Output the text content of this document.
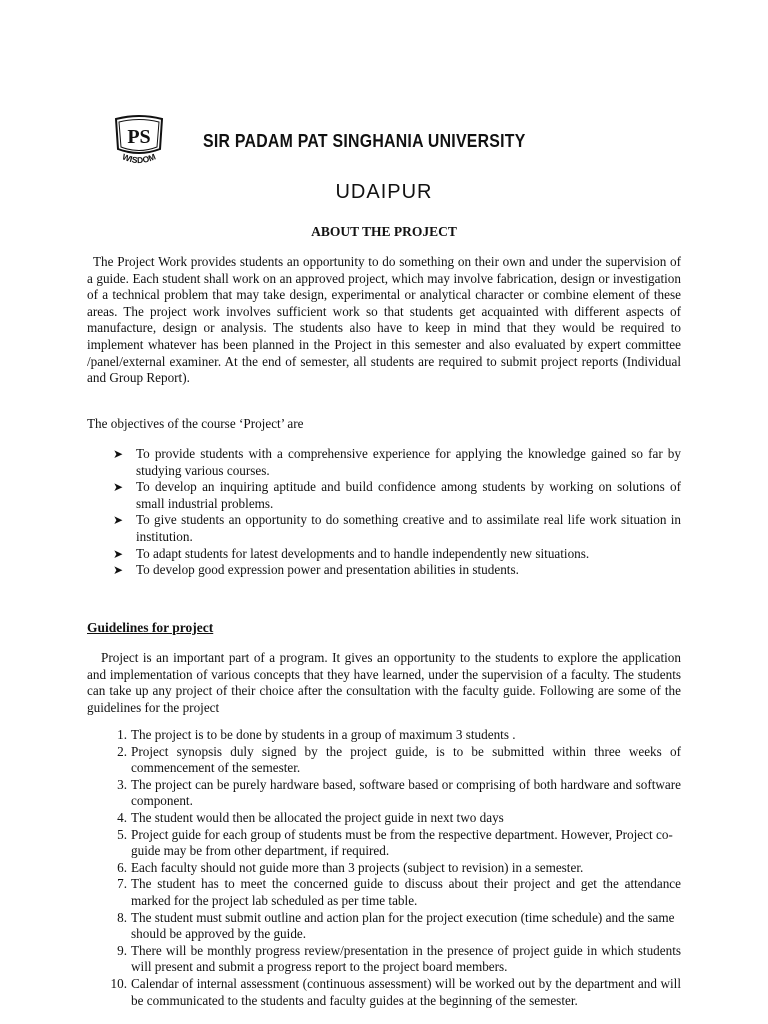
PS
WISDOM
SIR PADAM PAT SINGHANIA UNIVERSITY
UDAIPUR
ABOUT THE PROJECT

The Project Work provides students an opportunity to do something on their own and under the supervision of a guide. Each student shall work on an approved project, which may involve fabrication, design or investigation of a technical problem that may take design, experimental or analytical character or combine element of these areas. The project work involves sufficient work so that students get acquainted with different aspects of manufacture, design or analysis. The students also have to keep in mind that they would be required to implement whatever has been planned in the Project in this semester and also evaluated by expert committee /panel/external examiner. At the end of semester, all students are required to submit project reports (Individual and Group Report).

The objectives of the course ‘Project’ are

➤ To provide students with a comprehensive experience for applying the knowledge gained so far by studying various courses.
➤ To develop an inquiring aptitude and build confidence among students by working on solutions of small industrial problems.
➤ To give students an opportunity to do something creative and to assimilate real life work situation in institution.
➤ To adapt students for latest developments and to handle independently new situations.
➤ To develop good expression power and presentation abilities in students.
Guidelines for project

Project is an important part of a program. It gives an opportunity to the students to explore the application and implementation of various concepts that they have learned, under the supervision of a faculty. The students can take up any project of their choice after the consultation with the faculty guide. Following are some of the guidelines for the project

1. The project is to be done by students in a group of maximum 3 students .
2. Project synopsis duly signed by the project guide, is to be submitted within three weeks of commencement of the semester.
3. The project can be purely hardware based, software based or comprising of both hardware and software component.
4. The student would then be allocated the project guide in next two days
5. Project guide for each group of students must be from the respective department. However, Project co-guide may be from other department, if required.
6. Each faculty should not guide more than 3 projects (subject to revision) in a semester.
7. The student has to meet the concerned guide to discuss about their project and get the attendance marked for the project lab scheduled as per time table.
8. The student must submit outline and action plan for the project execution (time schedule) and the same should be approved by the guide.
9. There will be monthly progress review/presentation in the presence of project guide in which students will present and submit a progress report to the project board members.
10. Calendar of internal assessment (continuous assessment) will be worked out by the department and will be communicated to the students and faculty guides at the beginning of the semester.
